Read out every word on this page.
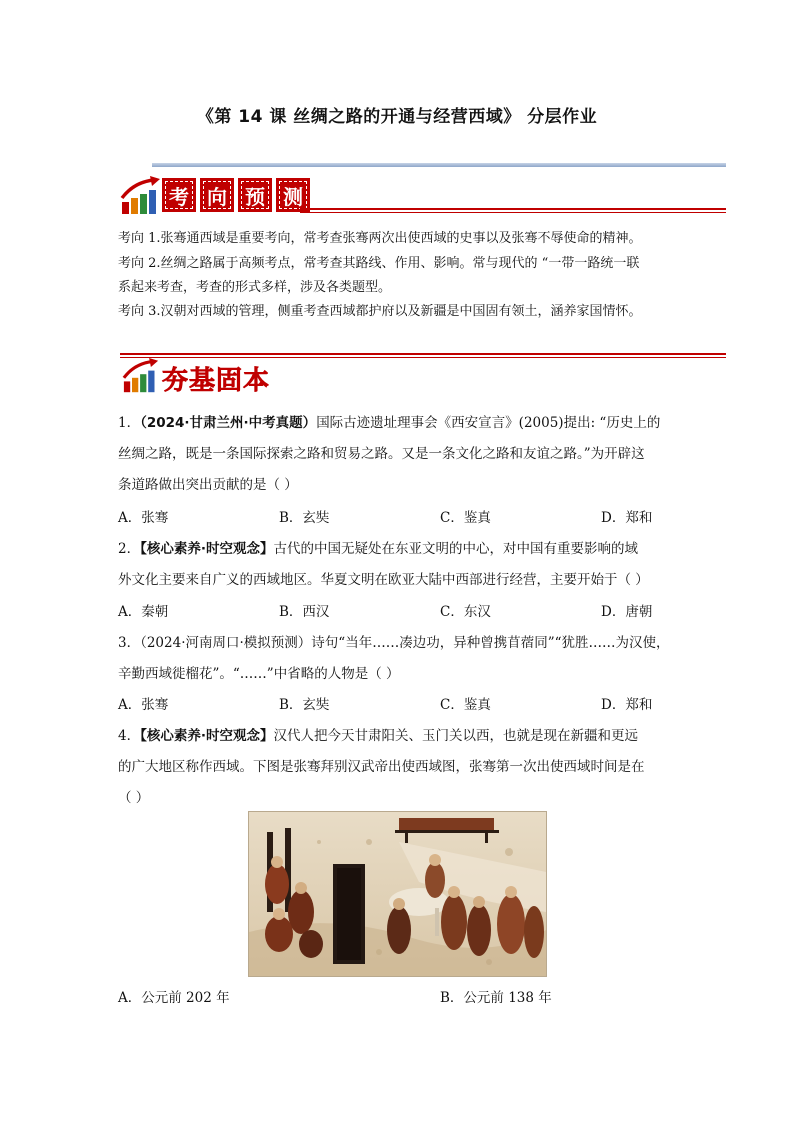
《第 14 课 丝绸之路的开通与经营西域》 分层作业
考 向 预 测
考向 1.张骞通西域是重要考向，常考查张骞两次出使西域的史事以及张骞不辱使命的精神。
考向 2.丝绸之路属于高频考点，常考查其路线、作用、影响。常与现代的 “一带一路统一联
系起来考查，考查的形式多样，涉及各类题型。
考向 3.汉朝对西域的管理，侧重考查西域都护府以及新疆是中国固有领土，涵养家国情怀。
夯基固本
1．（2024·甘肃兰州·中考真题）国际古迹遗址理事会《西安宣言》(2005)提出: “历史上的
丝绸之路，既是一条国际探索之路和贸易之路。又是一条文化之路和友谊之路。”为开辟这
条道路做出突出贡献的是（ ）
A．张骞	B．玄奘	C．鉴真	D．郑和
2．【核心素养·时空观念】古代的中国无疑处在东亚文明的中心，对中国有重要影响的域
外文化主要来自广义的西域地区。华夏文明在欧亚大陆中西部进行经营，主要开始于（ ）
A．秦朝	B．西汉	C．东汉	D．唐朝
3．（2024·河南周口·模拟预测）诗句“当年……凑边功，异种曾携苜蓿同”“犹胜……为汉使，
辛勤西域徙榴花”。“……”中省略的人物是（ ）
A．张骞	B．玄奘	C．鉴真	D．郑和
4．【核心素养·时空观念】汉代人把今天甘肃阳关、玉门关以西，也就是现在新疆和更远
的广大地区称作西域。下图是张骞拜别汉武帝出使西域图，张骞第一次出使西域时间是在
（ ）
A．公元前 202 年	B．公元前 138 年
